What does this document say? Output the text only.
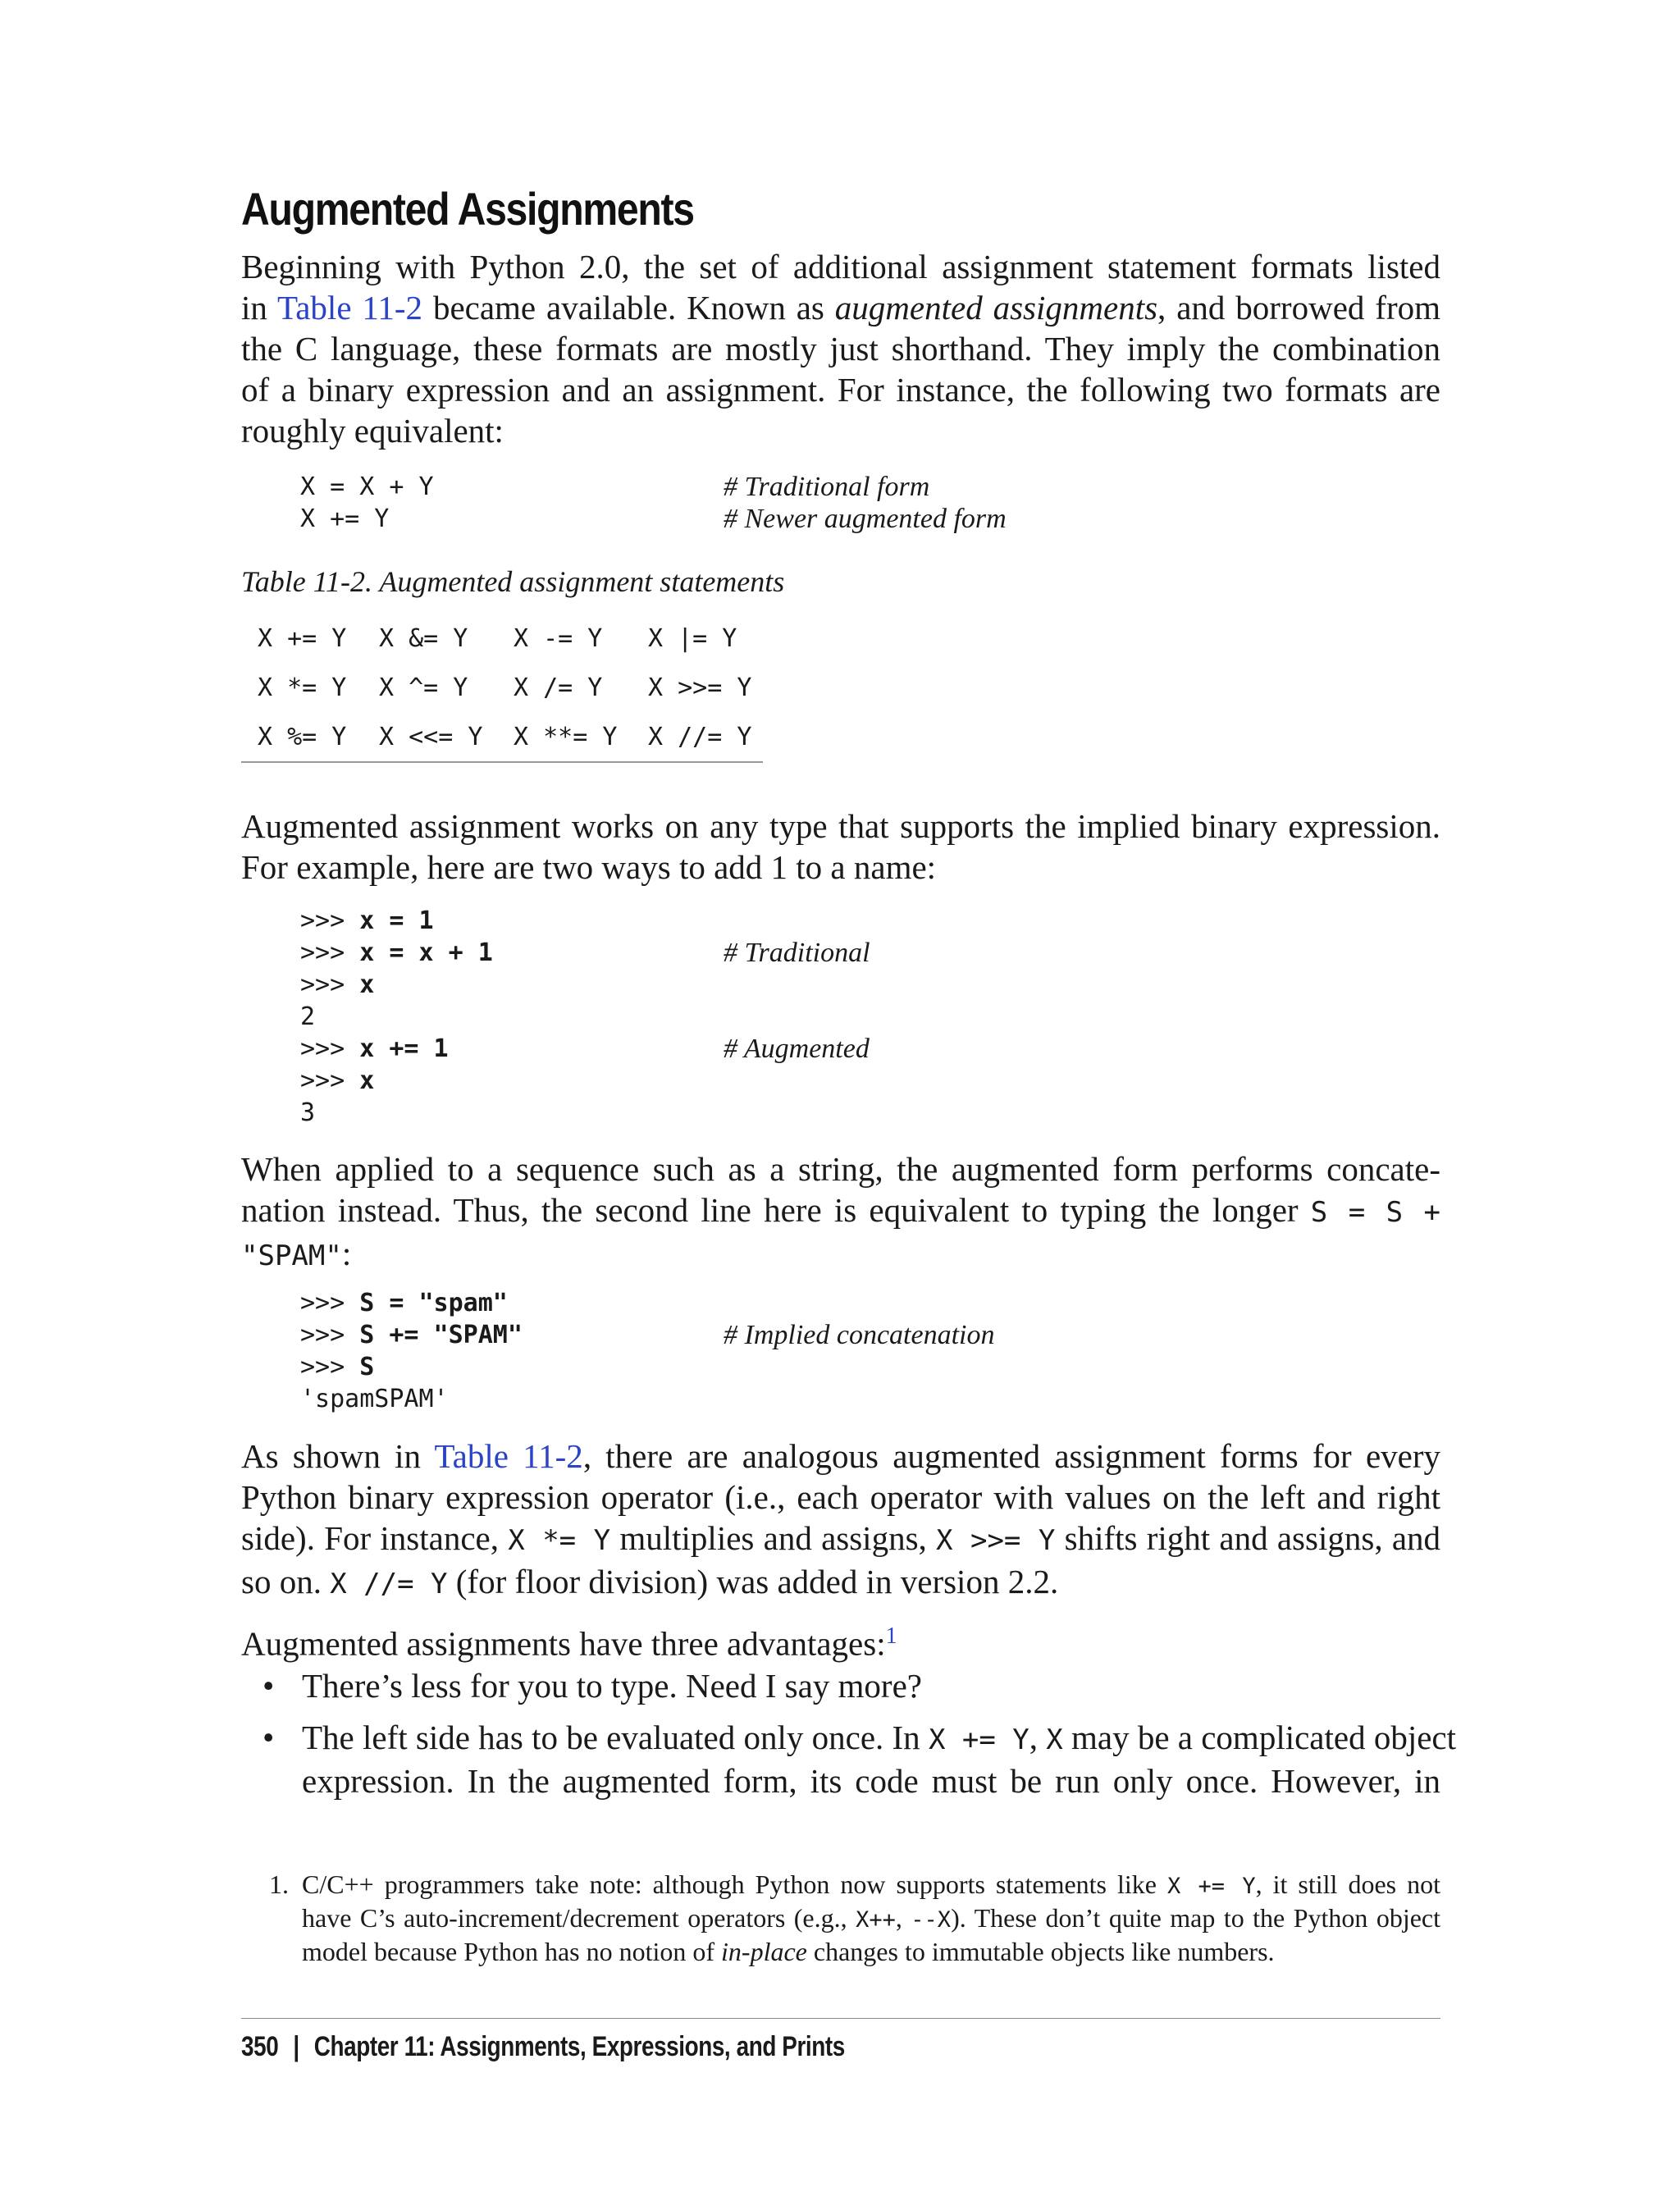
Augmented Assignments
Beginning with Python 2.0, the set of additional assignment statement formats listed
in Table 11-2 became available. Known as augmented assignments, and borrowed from
the C language, these formats are mostly just shorthand. They imply the combination
of a binary expression and an assignment. For instance, the following two formats are
roughly equivalent:
X = X + Y	# Traditional form
X += Y	# Newer augmented form
Table 11-2. Augmented assignment statements
X += Y	X &= Y	X -= Y	X |= Y
X *= Y	X ^= Y	X /= Y	X >>= Y
X %= Y	X <<= Y	X **= Y	X //= Y
Augmented assignment works on any type that supports the implied binary expression.
For example, here are two ways to add 1 to a name:
>>> x = 1
>>> x = x + 1	# Traditional
>>> x
2
>>> x += 1	# Augmented
>>> x
3
When applied to a sequence such as a string, the augmented form performs concate-
nation instead. Thus, the second line here is equivalent to typing the longer S = S +
"SPAM":
>>> S = "spam"
>>> S += "SPAM"	# Implied concatenation
>>> S
'spamSPAM'
As shown in Table 11-2, there are analogous augmented assignment forms for every
Python binary expression operator (i.e., each operator with values on the left and right
side). For instance, X *= Y multiplies and assigns, X >>= Y shifts right and assigns, and
so on. X //= Y (for floor division) was added in version 2.2.
Augmented assignments have three advantages:$^1$
• There’s less for you to type. Need I say more?
• The left side has to be evaluated only once. In X += Y, X may be a complicated object
expression. In the augmented form, its code must be run only once. However, in
1. C/C++ programmers take note: although Python now supports statements like X += Y, it still does not
have C’s auto-increment/decrement operators (e.g., X++, --X). These don’t quite map to the Python object
model because Python has no notion of in-place changes to immutable objects like numbers.
350 | Chapter 11: Assignments, Expressions, and Prints
